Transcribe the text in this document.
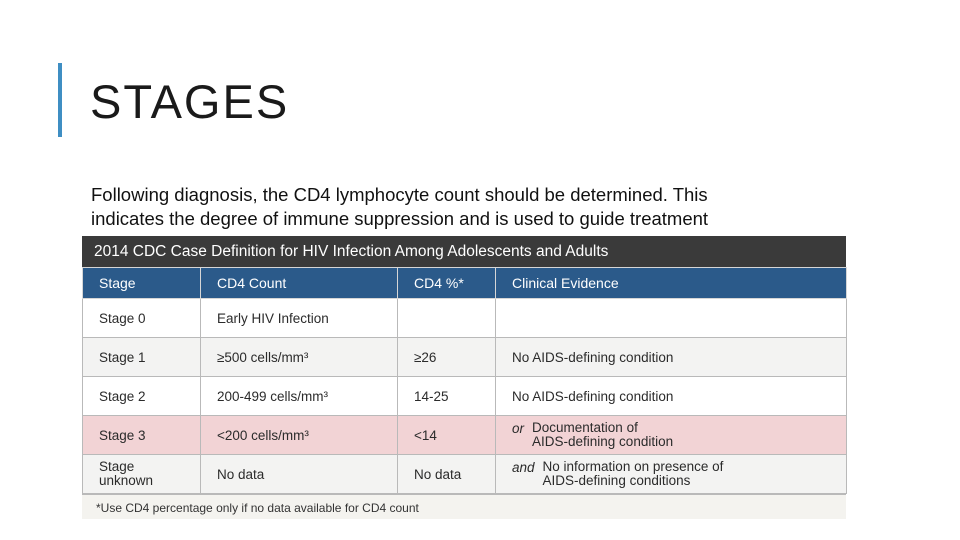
STAGES

Following diagnosis, the CD4 lymphocyte count should be determined. This

indicates the degree of immune suppression and is used to guide treatment

2014 CDC Case Definition for HIV Infection Among Adolescents and Adults
Stage	CD4 Count	CD4 %*	Clinical Evidence
Stage 0	Early HIV Infection		
Stage 1	≥500 cells/mm³	≥26	No AIDS-defining condition
Stage 2	200-499 cells/mm³	14-25	No AIDS-defining condition
Stage 3	<200 cells/mm³	<14	or Documentation of
AIDS-defining condition

Stage
unknown	No data	No data	and No information on presence of
AIDS-defining conditions
*Use CD4 percentage only if no data available for CD4 count
